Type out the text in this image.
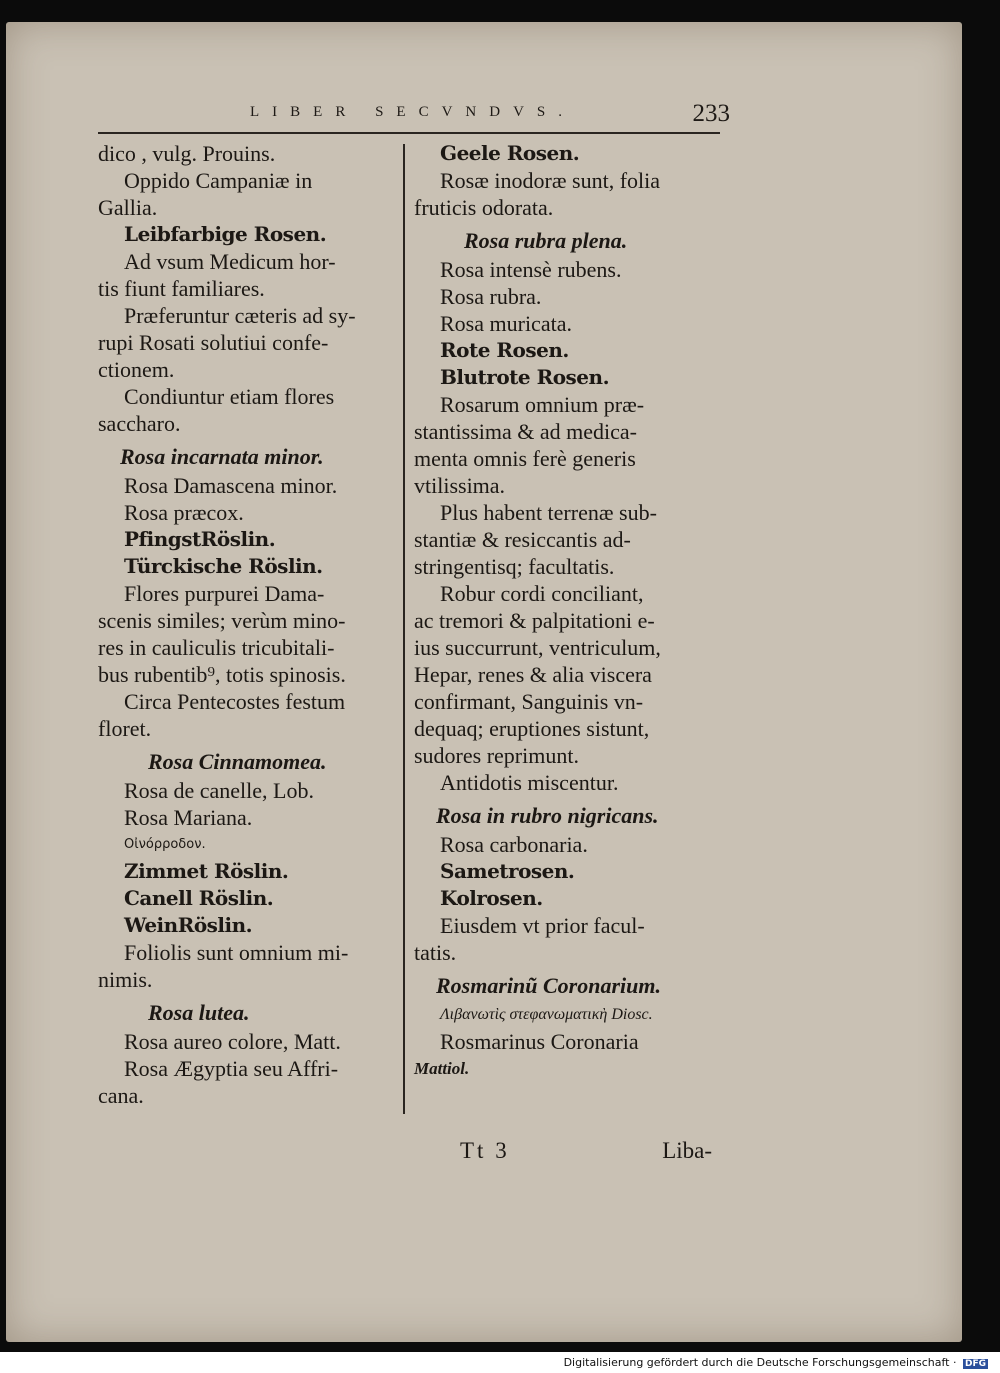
LIBER SECVNDVS.	233
dico , vulg. Prouins.
Oppido Campaniæ in
Gallia.
Leibfarbige Rosen.
Ad vsum Medicum hor-
tis fiunt familiares.
Præferuntur cæteris ad sy-
rupi Rosati solutiui confe-
ctionem.
Condiuntur etiam flores
saccharo.
Rosa incarnata minor.
Rosa Damascena minor.
Rosa præcox.
PfingstRöslin.
Türckische Röslin.
Flores purpurei Dama-
scenis similes; verùm mino-
res in cauliculis tricubitali-
bus rubentib⁹, totis spinosis.
Circa Pentecostes festum
floret.
Rosa Cinnamomea.
Rosa de canelle, Lob.
Rosa Mariana.
Οἰνόρροδον.
Zimmet Röslin.
Canell Röslin.
WeinRöslin.
Foliolis sunt omnium mi-
nimis.
Rosa lutea.
Rosa aureo colore, Matt.
Rosa Ægyptia seu Affri-
cana.
Geele Rosen.
Rosæ inodoræ sunt, folia
fruticis odorata.
Rosa rubra plena.
Rosa intensè rubens.
Rosa rubra.
Rosa muricata.
Rote Rosen.
Blutrote Rosen.
Rosarum omnium præ-
stantissima & ad medica-
menta omnis ferè generis
vtilissima.
Plus habent terrenæ sub-
stantiæ & resiccantis ad-
stringentisq; facultatis.
Robur cordi conciliant,
ac tremori & palpitationi e-
ius succurrunt, ventriculum,
Hepar, renes & alia viscera
confirmant, Sanguinis vn-
dequaq; eruptiones sistunt,
sudores reprimunt.
Antidotis miscentur.
Rosa in rubro nigricans.
Rosa carbonaria.
Sametrosen.
Kolrosen.
Eiusdem vt prior facul-
tatis.
Rosmarinũ Coronarium.
Λιβανωτὶς στεφανωματικὴ Diosc.
Rosmarinus Coronaria
Mattiol.
Tt 3	Liba-
Digitalisierung gefördert durch die Deutsche Forschungsgemeinschaft · DFG
